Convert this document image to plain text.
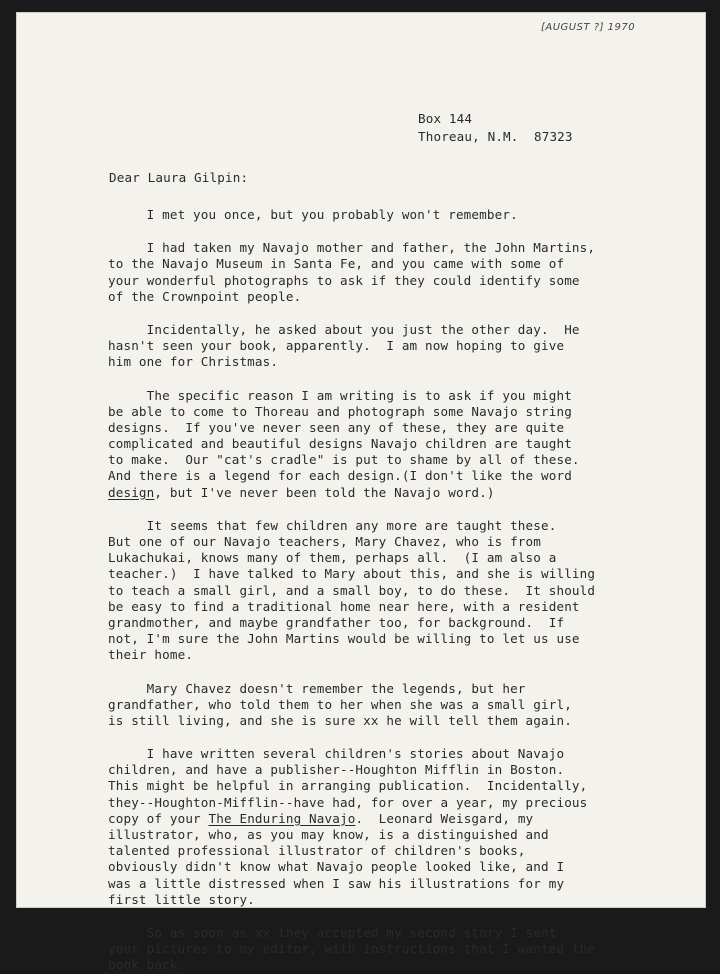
[AUGUST ?] 1970
Box 144
Thoreau, N.M.  87323
Dear Laura Gilpin:
I met you once, but you probably won't remember.
I had taken my Navajo mother and father, the John Martins,
to the Navajo Museum in Santa Fe, and you came with some of
your wonderful photographs to ask if they could identify some
of the Crownpoint people.
Incidentally, he asked about you just the other day.  He
hasn't seen your book, apparently.  I am now hoping to give
him one for Christmas.
The specific reason I am writing is to ask if you might
be able to come to Thoreau and photograph some Navajo string
designs.  If you've never seen any of these, they are quite
complicated and beautiful designs Navajo children are taught
to make.  Our "cat's cradle" is put to shame by all of these.
And there is a legend for each design.(I don't like the word
design, but I've never been told the Navajo word.)
It seems that few children any more are taught these.
But one of our Navajo teachers, Mary Chavez, who is from
Lukachukai, knows many of them, perhaps all.  (I am also a
teacher.)  I have talked to Mary about this, and she is willing
to teach a small girl, and a small boy, to do these.  It should
be easy to find a traditional home near here, with a resident
grandmother, and maybe grandfather too, for background.  If
not, I'm sure the John Martins would be willing to let us use
their home.
Mary Chavez doesn't remember the legends, but her
grandfather, who told them to her when she was a small girl,
is still living, and she is sure xx he will tell them again.
I have written several children's stories about Navajo
children, and have a publisher--Houghton Mifflin in Boston.
This might be helpful in arranging publication.  Incidentally,
they--Houghton-Mifflin--have had, for over a year, my precious
copy of your The Enduring Navajo.  Leonard Weisgard, my
illustrator, who, as you may know, is a distinguished and
talented professional illustrator of children's books,
obviously didn't know what Navajo people looked like, and I
was a little distressed when I saw his illustrations for my
first little story.
So as soon as xx they accepted my second story I sent
your pictures to my editor, with instructions that I wanted the
book back.
